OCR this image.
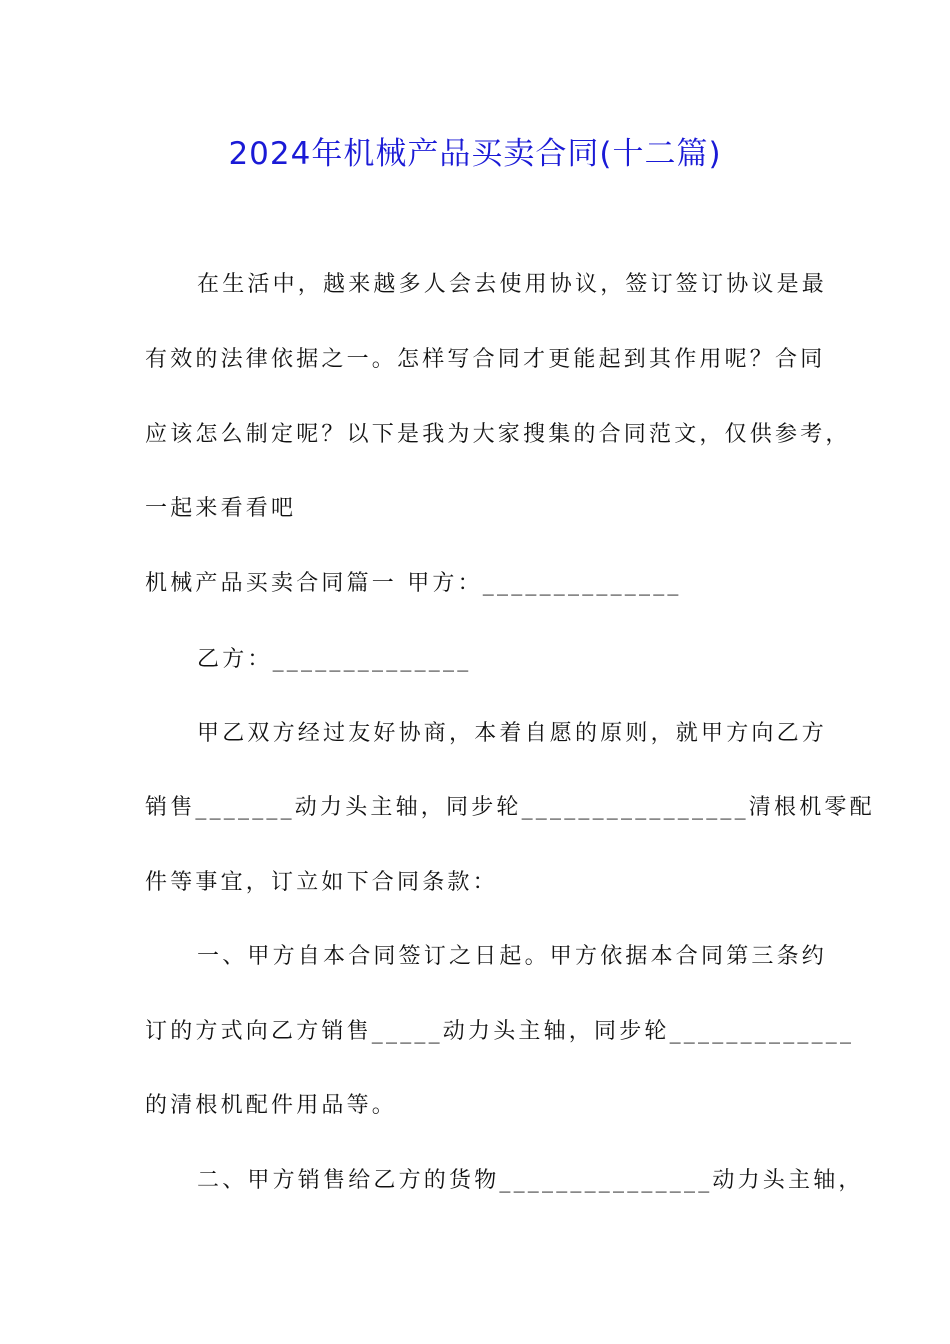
2024年机械产品买卖合同(十二篇)
在生活中，越来越多人会去使用协议，签订签订协议是最
有效的法律依据之一。怎样写合同才更能起到其作用呢？合同
应该怎么制定呢？以下是我为大家搜集的合同范文，仅供参考，
一起来看看吧
机械产品买卖合同篇一 甲方：______________
乙方：______________
甲乙双方经过友好协商，本着自愿的原则，就甲方向乙方
销售_______动力头主轴，同步轮________________清根机零配
件等事宜，订立如下合同条款：
一、甲方自本合同签订之日起。甲方依据本合同第三条约
订的方式向乙方销售_____动力头主轴，同步轮_____________
的清根机配件用品等。
二、甲方销售给乙方的货物_______________动力头主轴，
